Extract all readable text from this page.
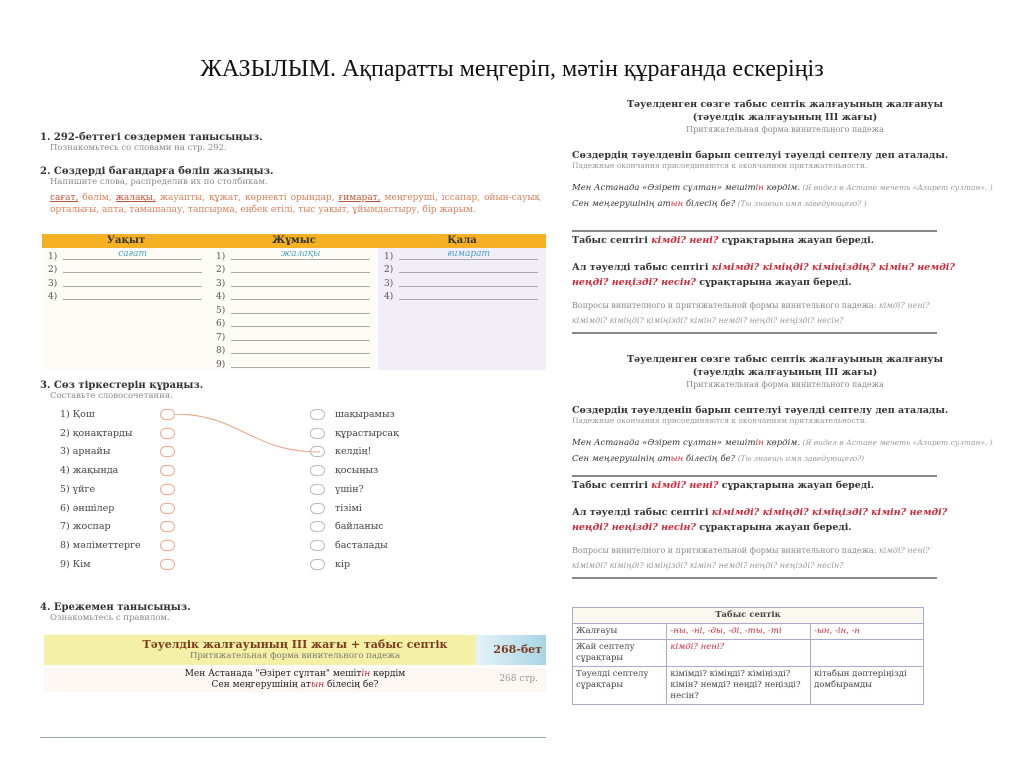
ЖАЗЫЛЫМ. Ақпаратты меңгеріп, мәтін құрағанда ескеріңіз
1. 292-беттегі сөздермен танысыңыз.
Познакомьтесь со словами на стр. 292.
2. Сөздерді бағандарға бөліп жазыңыз.
Напишите слова, распределив их по столбикам.
сағат, бөлім, жалақы, жауапты, құжат, көрнекті орындар, ғимарат, меңгеруші, іссапар, ойын-сауық орталығы, апта, тамашалау, тапсырма, еңбек өтілі, тыс уақыт, ұйымдастыру, бір жарым.
Уақыт
1)	сағат
2)
3)
4)
Жұмыс
1)	жалақы
2)
3)
4)
5)
6)
7)
8)
9)
Қала
1)	ғимарат
2)
3)
4)
3. Сөз тіркестерін құраңыз.
Составьте словосочетания.
1) Қош	шақырамыз
2) қонақтарды	құрастырсақ
3) арнайы	келдің!
4) жақында	қосыңыз
5) үйге	үшін?
6) әншілер	тізімі
7) жоспар	байланыс
8) мәліметтерге	басталады
9) Кім	кір
4. Ережемен танысыңыз.
Ознакомьтесь с правилом.
Тәуелдік жалғауының III жағы + табыс септік
Притяжательная форма винительного падежа	268-бет
Мен Астанада "Әзірет сұлтан" мешітін көрдім
Сен меңгерушінің атын білесің бе?
268 стр.
Тәуелденген сөзге табыс септік жалғауының жалғануы
(тәуелдік жалғауының III жағы)
Притяжательная форма винительного падежа
Сөздердің тәуелденіп барып септелуі тәуелді септелу деп аталады.
Падежные окончания присоединяются к окончаниям притяжательности.
Мен Астанада «Әзірет сұлтан» мешітін көрдім. (Я видел в Астане мечеть «Азирет султан». )
Сен меңгерушінің атын білесің бе? (Ты знаешь имя заведующего? )
Табыс септігі кімді? нені? сұрақтарына жауап береді.
Ал тәуелді табыс септігі кімімді? кіміңді? кіміңіздің? кімін? немді? неңді? неңізді? несін? сұрақтарына жауап береді.
Вопросы винителного и притяжательной формы винительного падежа: кімді? нені? кімімді? кіміңді? кіміңізді? кімін? немді? неңді? неңізді? несін?
Тәуелденген сөзге табыс септік жалғауының жалғануы
(тәуелдік жалғауының III жағы)
Притяжательная форма винительного падежа
Сөздердің тәуелденіп барып септелуі тәуелді септелу деп аталады.
Падежные окончания присоединяются к окончаниям притяжательности.
Мен Астанада «Әзірет сұлтан» мешітін көрдім. (Я видел в Астане мечеть «Азирет султан». )
Сен меңгерушінің атын білесің бе? (Ты знаешь имя заведующего?)
Табыс септігі кімді? нені? сұрақтарына жауап береді.
Ал тәуелді табыс септігі кімімді? кіміңді? кіміңізді? кімін? немді? неңді? неңізді? несін? сұрақтарына жауап береді.
Вопросы винителного и притяжательной формы винительного падежа: кімді? нені? кімімді? кіміңді? кіміңізді? кімін? немді? неңді? неңізді? несін?
Табыс септік		
Жалғауы	-ны, -ні, -ды, -ді, -ты, -ті	-ын, -ін, -н
Жай септелу сұрақтары	кімді? нені?	
Тәуелді септелу сұрақтары	кімімді? кіміңді? кіміңізді? кімін? немді? неңді? неңізді? несін?	кітабын дәптеріңізді домбырамды
